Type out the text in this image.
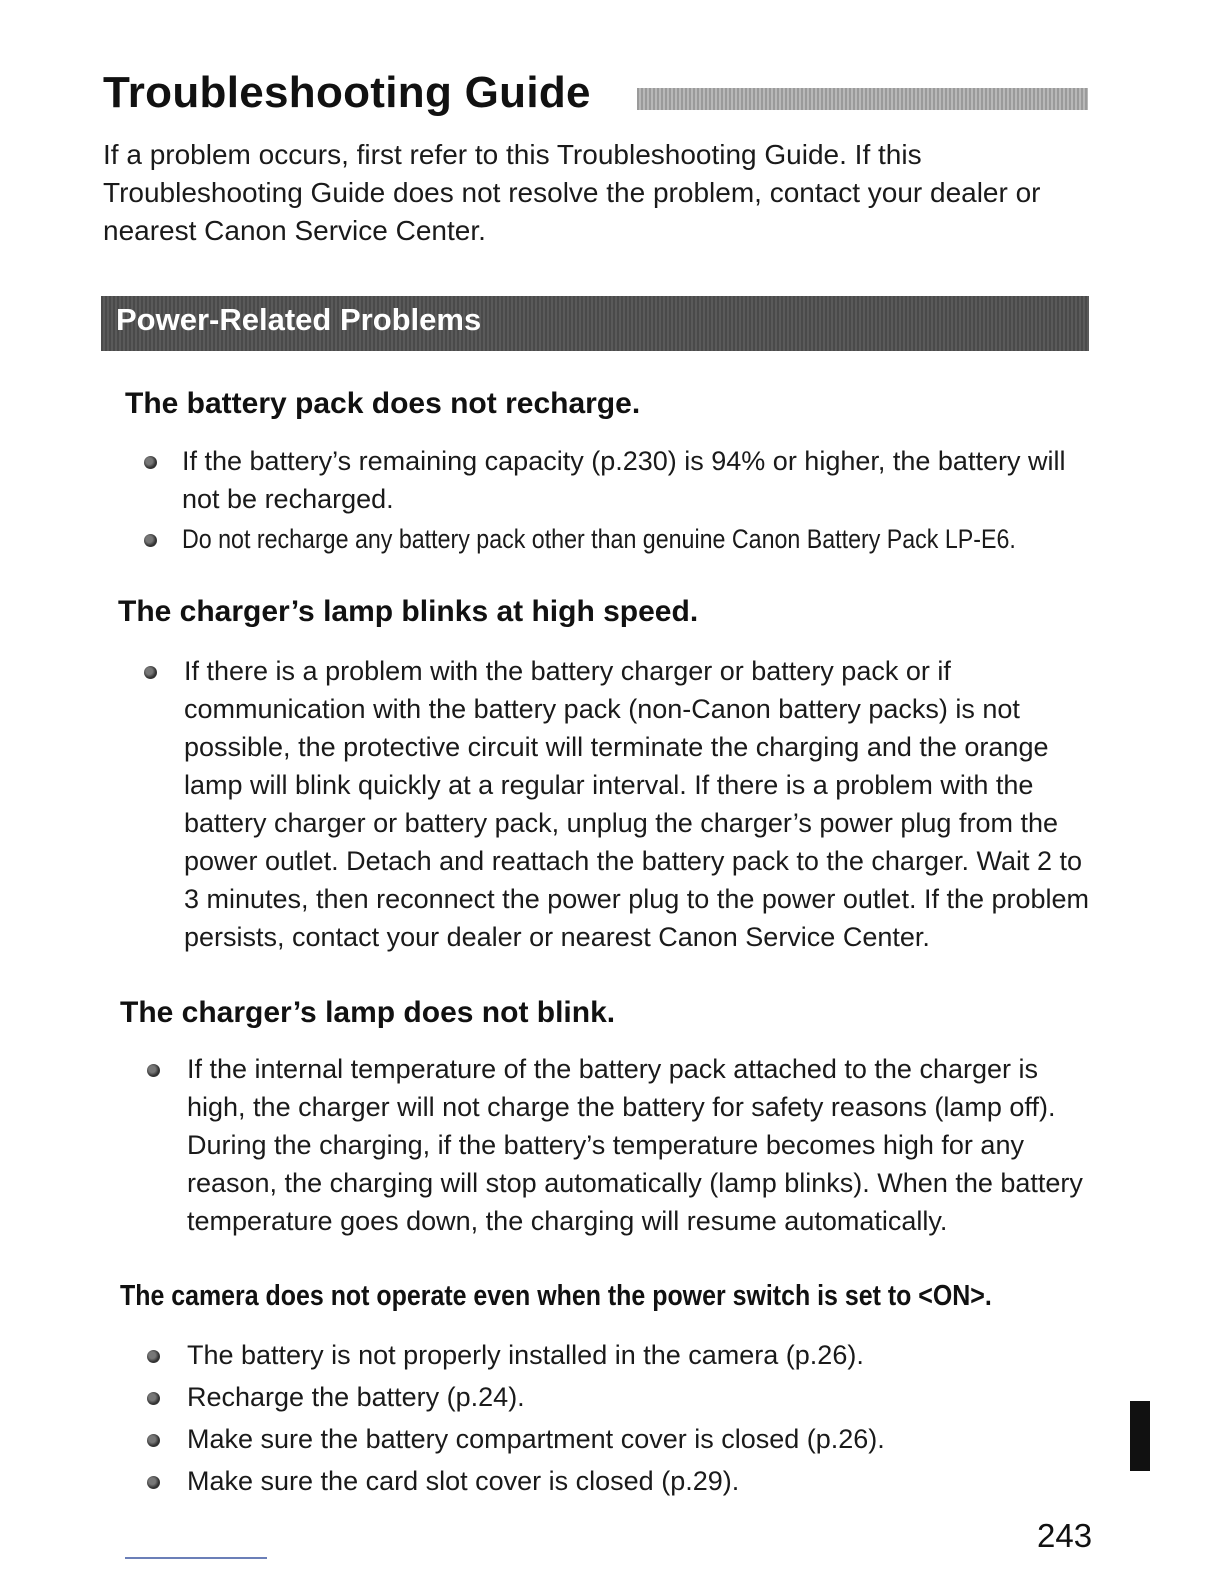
Troubleshooting Guide
If a problem occurs, first refer to this Troubleshooting Guide. If this Troubleshooting Guide does not resolve the problem, contact your dealer or nearest Canon Service Center.
Power-Related Problems
The battery pack does not recharge.
If the battery’s remaining capacity (p.230) is 94% or higher, the battery will not be recharged.
Do not recharge any battery pack other than genuine Canon Battery Pack LP-E6.
The charger’s lamp blinks at high speed.
If there is a problem with the battery charger or battery pack or if communication with the battery pack (non-Canon battery packs) is not possible, the protective circuit will terminate the charging and the orange lamp will blink quickly at a regular interval. If there is a problem with the battery charger or battery pack, unplug the charger’s power plug from the power outlet. Detach and reattach the battery pack to the charger. Wait 2 to 3 minutes, then reconnect the power plug to the power outlet. If the problem persists, contact your dealer or nearest Canon Service Center.
The charger’s lamp does not blink.
If the internal temperature of the battery pack attached to the charger is high, the charger will not charge the battery for safety reasons (lamp off). During the charging, if the battery’s temperature becomes high for any reason, the charging will stop automatically (lamp blinks). When the battery temperature goes down, the charging will resume automatically.
The camera does not operate even when the power switch is set to <ON>.
The battery is not properly installed in the camera (p.26).
Recharge the battery (p.24).
Make sure the battery compartment cover is closed (p.26).
Make sure the card slot cover is closed (p.29).
243
